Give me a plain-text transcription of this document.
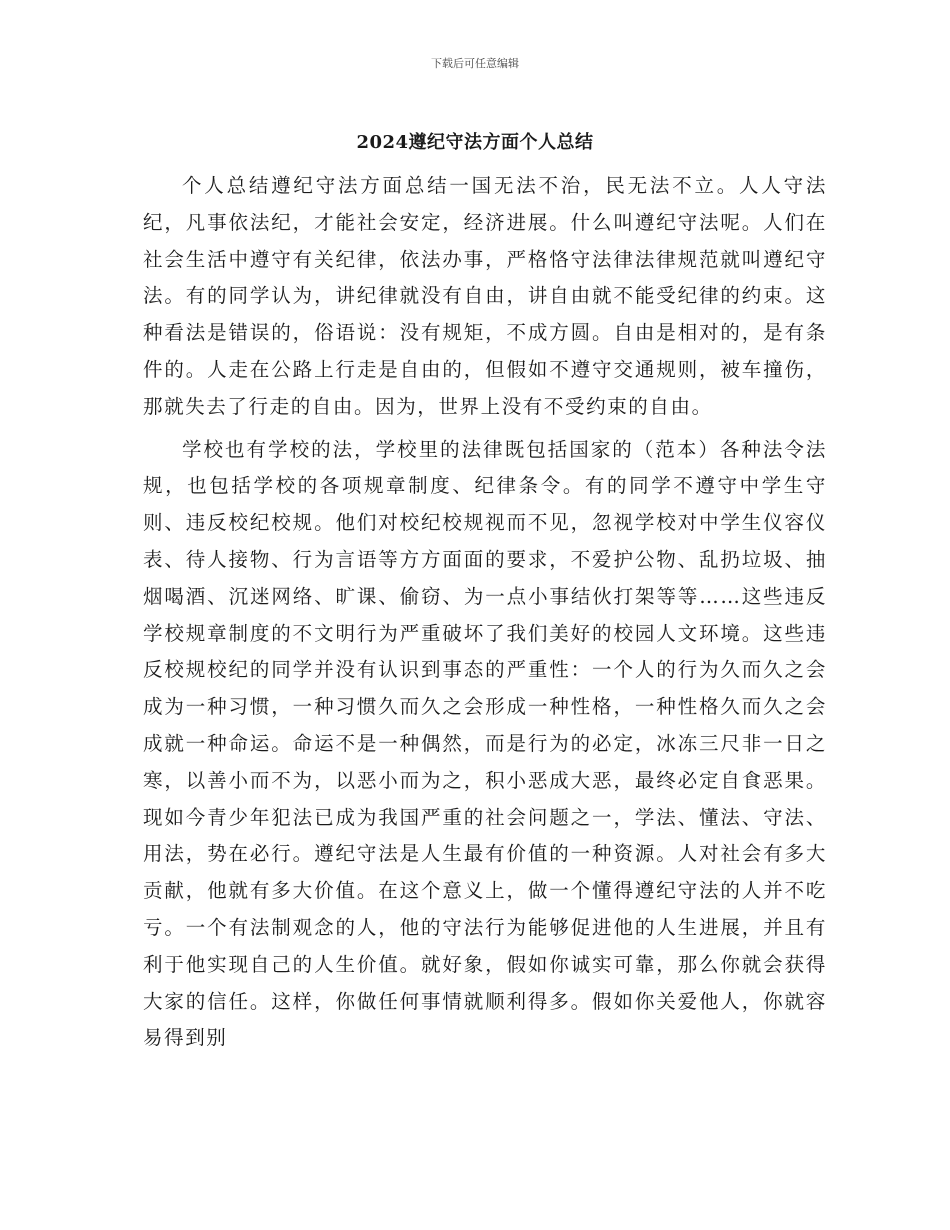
下载后可任意编辑
2024遵纪守法方面个人总结

个人总结遵纪守法方面总结一国无法不治，民无法不立。人人守法纪，凡事依法纪，才能社会安定，经济进展。什么叫遵纪守法呢。人们在社会生活中遵守有关纪律，依法办事，严格恪守法律法律规范就叫遵纪守法。有的同学认为，讲纪律就没有自由，讲自由就不能受纪律的约束。这种看法是错误的，俗语说：没有规矩，不成方圆。自由是相对的，是有条件的。人走在公路上行走是自由的，但假如不遵守交通规则，被车撞伤，那就失去了行走的自由。因为，世界上没有不受约束的自由。

学校也有学校的法，学校里的法律既包括国家的（范本）各种法令法规，也包括学校的各项规章制度、纪律条令。有的同学不遵守中学生守则、违反校纪校规。他们对校纪校规视而不见，忽视学校对中学生仪容仪表、待人接物、行为言语等方方面面的要求，不爱护公物、乱扔垃圾、抽烟喝酒、沉迷网络、旷课、偷窃、为一点小事结伙打架等等……这些违反学校规章制度的不文明行为严重破坏了我们美好的校园人文环境。这些违反校规校纪的同学并没有认识到事态的严重性：一个人的行为久而久之会成为一种习惯，一种习惯久而久之会形成一种性格，一种性格久而久之会成就一种命运。命运不是一种偶然，而是行为的必定，冰冻三尺非一日之寒，以善小而不为，以恶小而为之，积小恶成大恶，最终必定自食恶果。现如今青少年犯法已成为我国严重的社会问题之一，学法、懂法、守法、用法，势在必行。遵纪守法是人生最有价值的一种资源。人对社会有多大贡献，他就有多大价值。在这个意义上，做一个懂得遵纪守法的人并不吃亏。一个有法制观念的人，他的守法行为能够促进他的人生进展，并且有利于他实现自己的人生价值。就好象，假如你诚实可靠，那么你就会获得大家的信任。这样，你做任何事情就顺利得多。假如你关爱他人，你就容易得到别
